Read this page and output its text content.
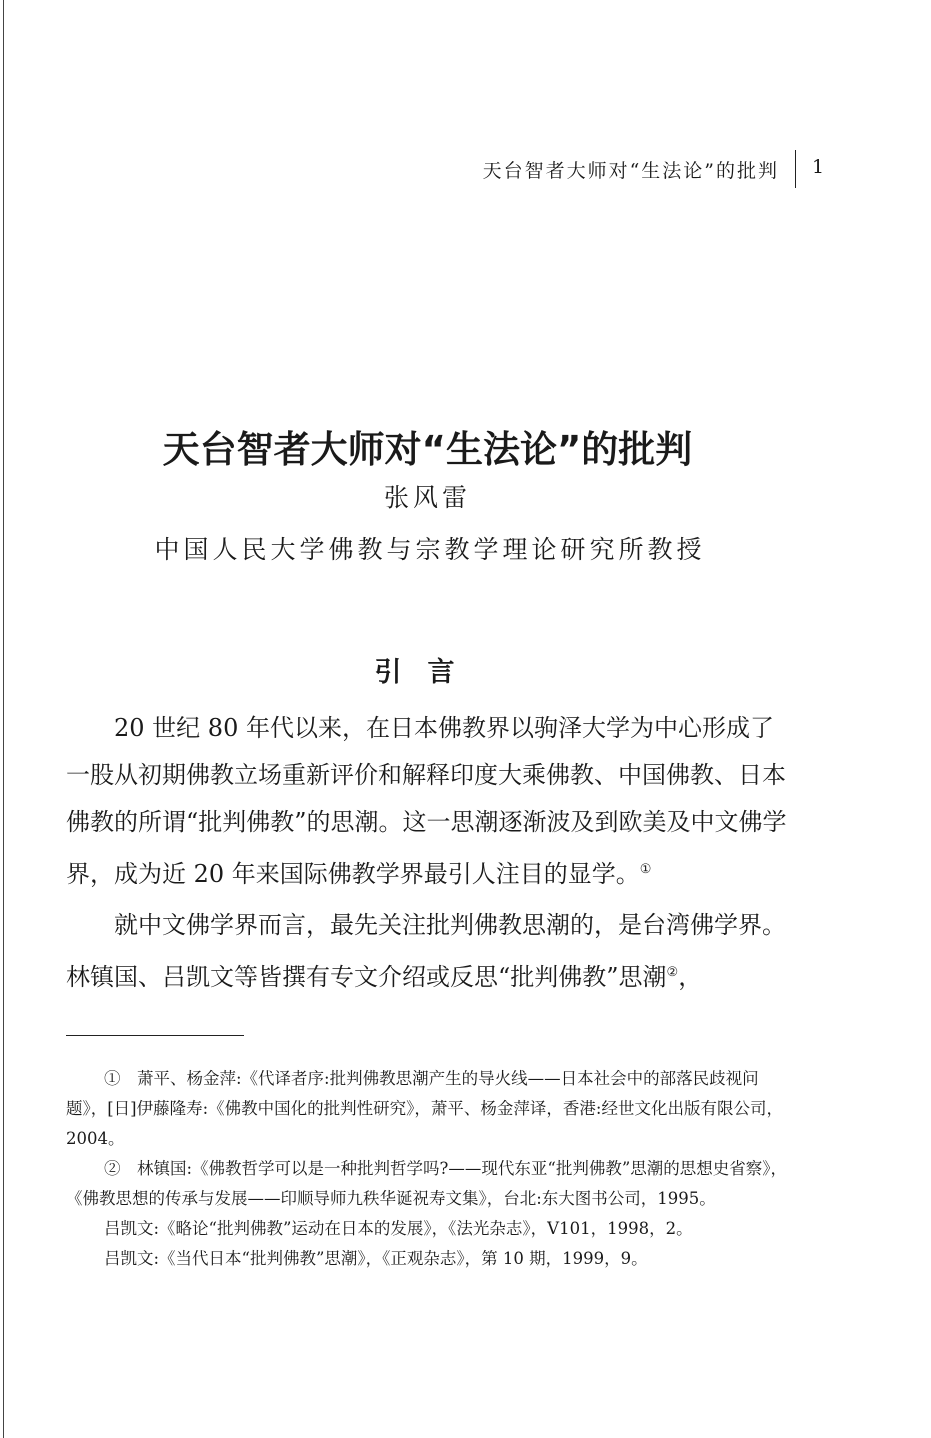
天台智者大师对“生法论”的批判 1
天台智者大师对“生法论”的批判
张风雷
中国人民大学佛教与宗教学理论研究所教授
引言

20 世纪 80 年代以来，在日本佛教界以驹泽大学为中心形成了一股从初期佛教立场重新评价和解释印度大乘佛教、中国佛教、日本佛教的所谓“批判佛教”的思潮。这一思潮逐渐波及到欧美及中文佛学界，成为近 20 年来国际佛教学界最引人注目的显学。①

就中文佛学界而言，最先关注批判佛教思潮的，是台湾佛学界。林镇国、吕凯文等皆撰有专文介绍或反思“批判佛教”思潮②，

①　萧平、杨金萍:《代译者序:批判佛教思潮产生的导火线——日本社会中的部落民歧视问题》，[日]伊藤隆寿:《佛教中国化的批判性研究》，萧平、杨金萍译，香港:经世文化出版有限公司，2004。

②　林镇国:《佛教哲学可以是一种批判哲学吗?——现代东亚“批判佛教”思潮的思想史省察》，《佛教思想的传承与发展——印顺导师九秩华诞祝寿文集》，台北:东大图书公司，1995。

吕凯文:《略论“批判佛教”运动在日本的发展》，《法光杂志》，V101，1998，2。

吕凯文:《当代日本“批判佛教”思潮》，《正观杂志》，第 10 期，1999，9。
